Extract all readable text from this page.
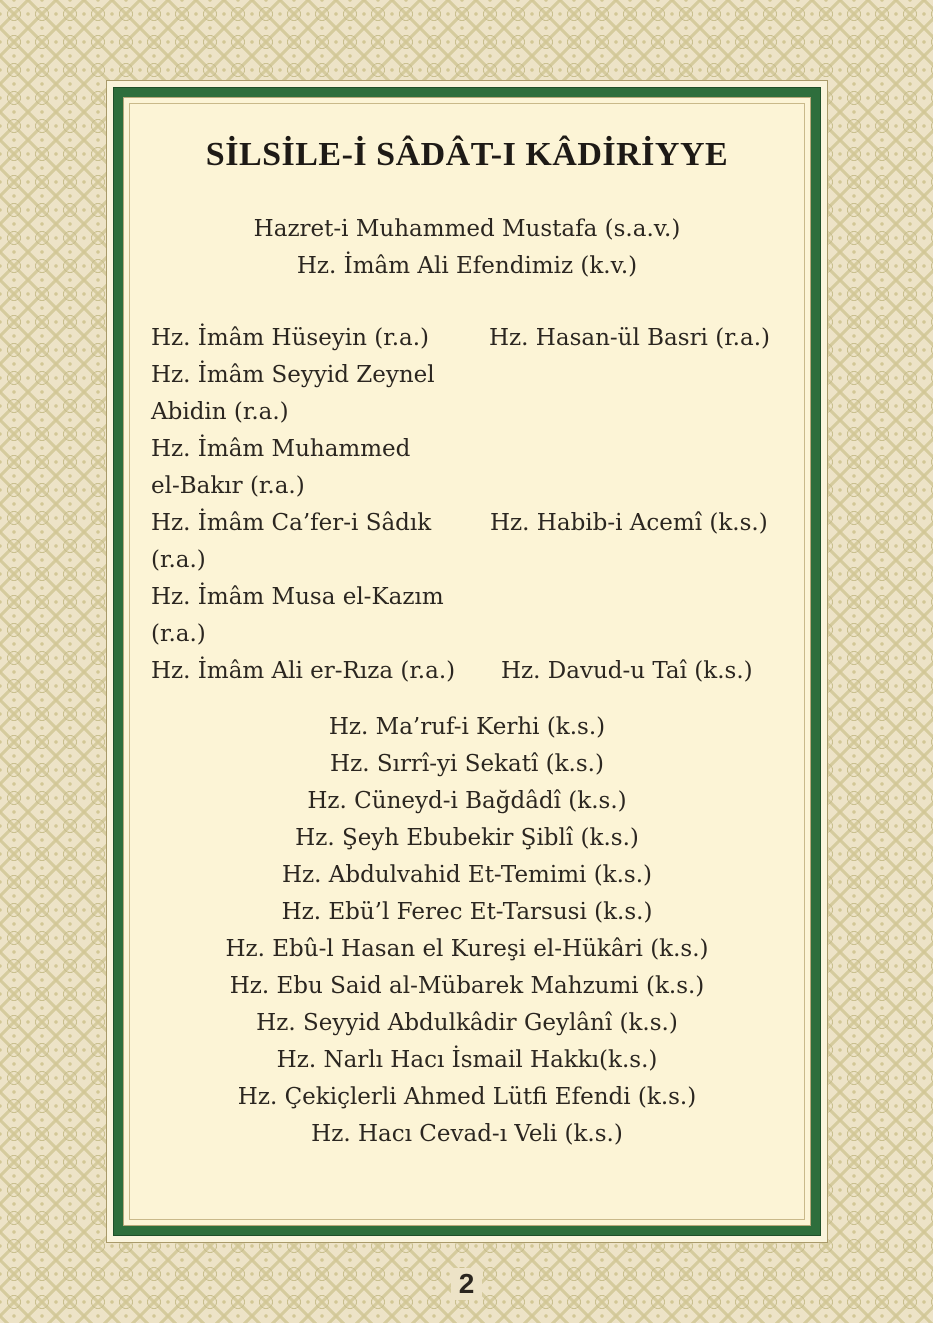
SİLSİLE-İ SÂDÂT-I KÂDİRİYYE
Hazret-i Muhammed Mustafa (s.a.v.)
Hz. İmâm Ali Efendimiz (k.v.)
Hz. İmâm Hüseyin (r.a.)
Hz. İmâm Seyyid Zeynel Abidin (r.a.)
Hz. İmâm Muhammed el-Bakır (r.a.)
Hz. İmâm Ca’fer-i Sâdık (r.a.)
Hz. İmâm Musa el-Kazım (r.a.)
Hz. İmâm Ali er-Rıza (r.a.)
Hz. Hasan-ül Basri (r.a.)
Hz. Habib-i Acemî (k.s.)
Hz. Davud-u Taî (k.s.)
Hz. Ma’ruf-i Kerhi (k.s.)
Hz. Sırrî-yi Sekatî (k.s.)
Hz. Cüneyd-i Bağdâdî (k.s.)
Hz. Şeyh Ebubekir Şiblî (k.s.)
Hz. Abdulvahid Et-Temimi (k.s.)
Hz. Ebü’l Ferec Et-Tarsusi (k.s.)
Hz. Ebû-l Hasan el Kureşi el-Hükâri (k.s.)
Hz. Ebu Said al-Mübarek Mahzumi (k.s.)
Hz. Seyyid Abdulkâdir Geylânî (k.s.)
Hz. Narlı Hacı İsmail Hakkı(k.s.)
Hz. Çekiçlerli Ahmed Lütfi Efendi (k.s.)
Hz. Hacı Cevad-ı Veli (k.s.)
2
